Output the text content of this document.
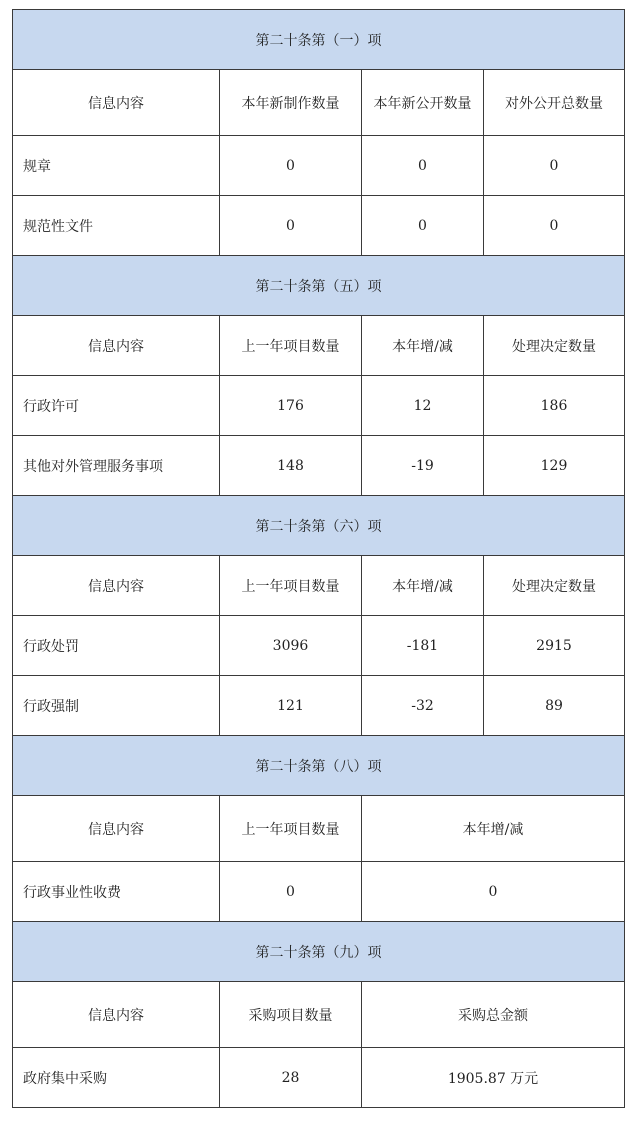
第二十条第（一）项			
信息内容	本年新制作数量	本年新公开数量	对外公开总数量
规章	0	0	0
规范性文件	0	0	0
第二十条第（五）项			
信息内容	上一年项目数量	本年增/减	处理决定数量
行政许可	176	12	186
其他对外管理服务事项	148	-19	129
第二十条第（六）项			
信息内容	上一年项目数量	本年增/减	处理决定数量
行政处罚	3096	-181	2915
行政强制	121	-32	89
第二十条第（八）项			
信息内容	上一年项目数量	本年增/减	
行政事业性收费	0	0	
第二十条第（九）项			
信息内容	采购项目数量	采购总金额	
政府集中采购	28	1905.87 万元	
